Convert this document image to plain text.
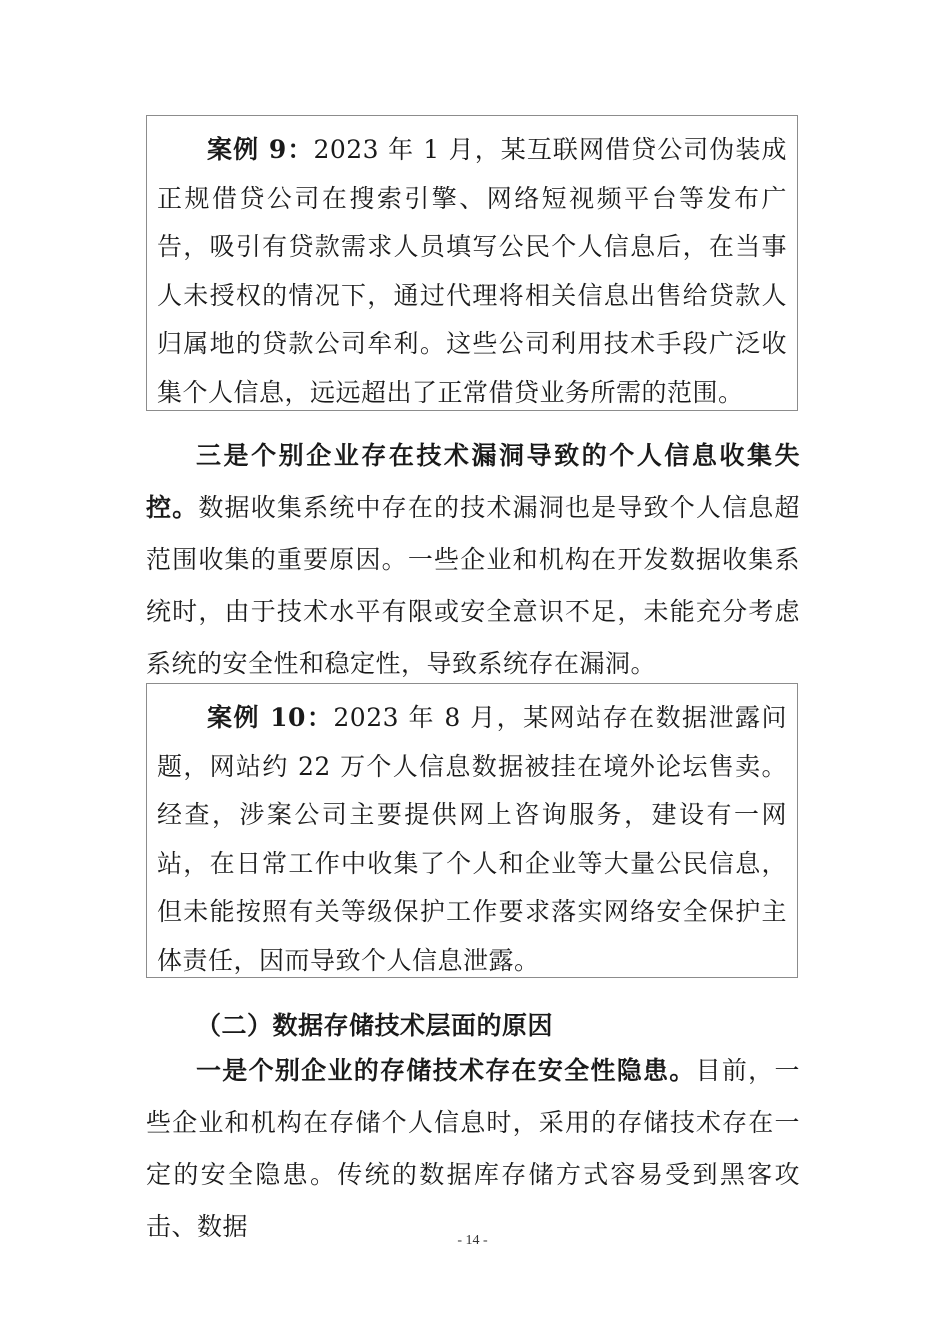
案例 9：2023 年 1 月，某互联网借贷公司伪装成正规借贷公司在搜索引擎、网络短视频平台等发布广告，吸引有贷款需求人员填写公民个人信息后，在当事人未授权的情况下，通过代理将相关信息出售给贷款人归属地的贷款公司牟利。这些公司利用技术手段广泛收集个人信息，远远超出了正常借贷业务所需的范围。

三是个别企业存在技术漏洞导致的个人信息收集失控。数据收集系统中存在的技术漏洞也是导致个人信息超范围收集的重要原因。一些企业和机构在开发数据收集系统时，由于技术水平有限或安全意识不足，未能充分考虑系统的安全性和稳定性，导致系统存在漏洞。

案例 10：2023 年 8 月，某网站存在数据泄露问题，网站约 22 万个人信息数据被挂在境外论坛售卖。经查，涉案公司主要提供网上咨询服务，建设有一网站，在日常工作中收集了个人和企业等大量公民信息，但未能按照有关等级保护工作要求落实网络安全保护主体责任，因而导致个人信息泄露。

（二）数据存储技术层面的原因

一是个别企业的存储技术存在安全性隐患。目前，一些企业和机构在存储个人信息时，采用的存储技术存在一定的安全隐患。传统的数据库存储方式容易受到黑客攻击、数据	- 14 -
